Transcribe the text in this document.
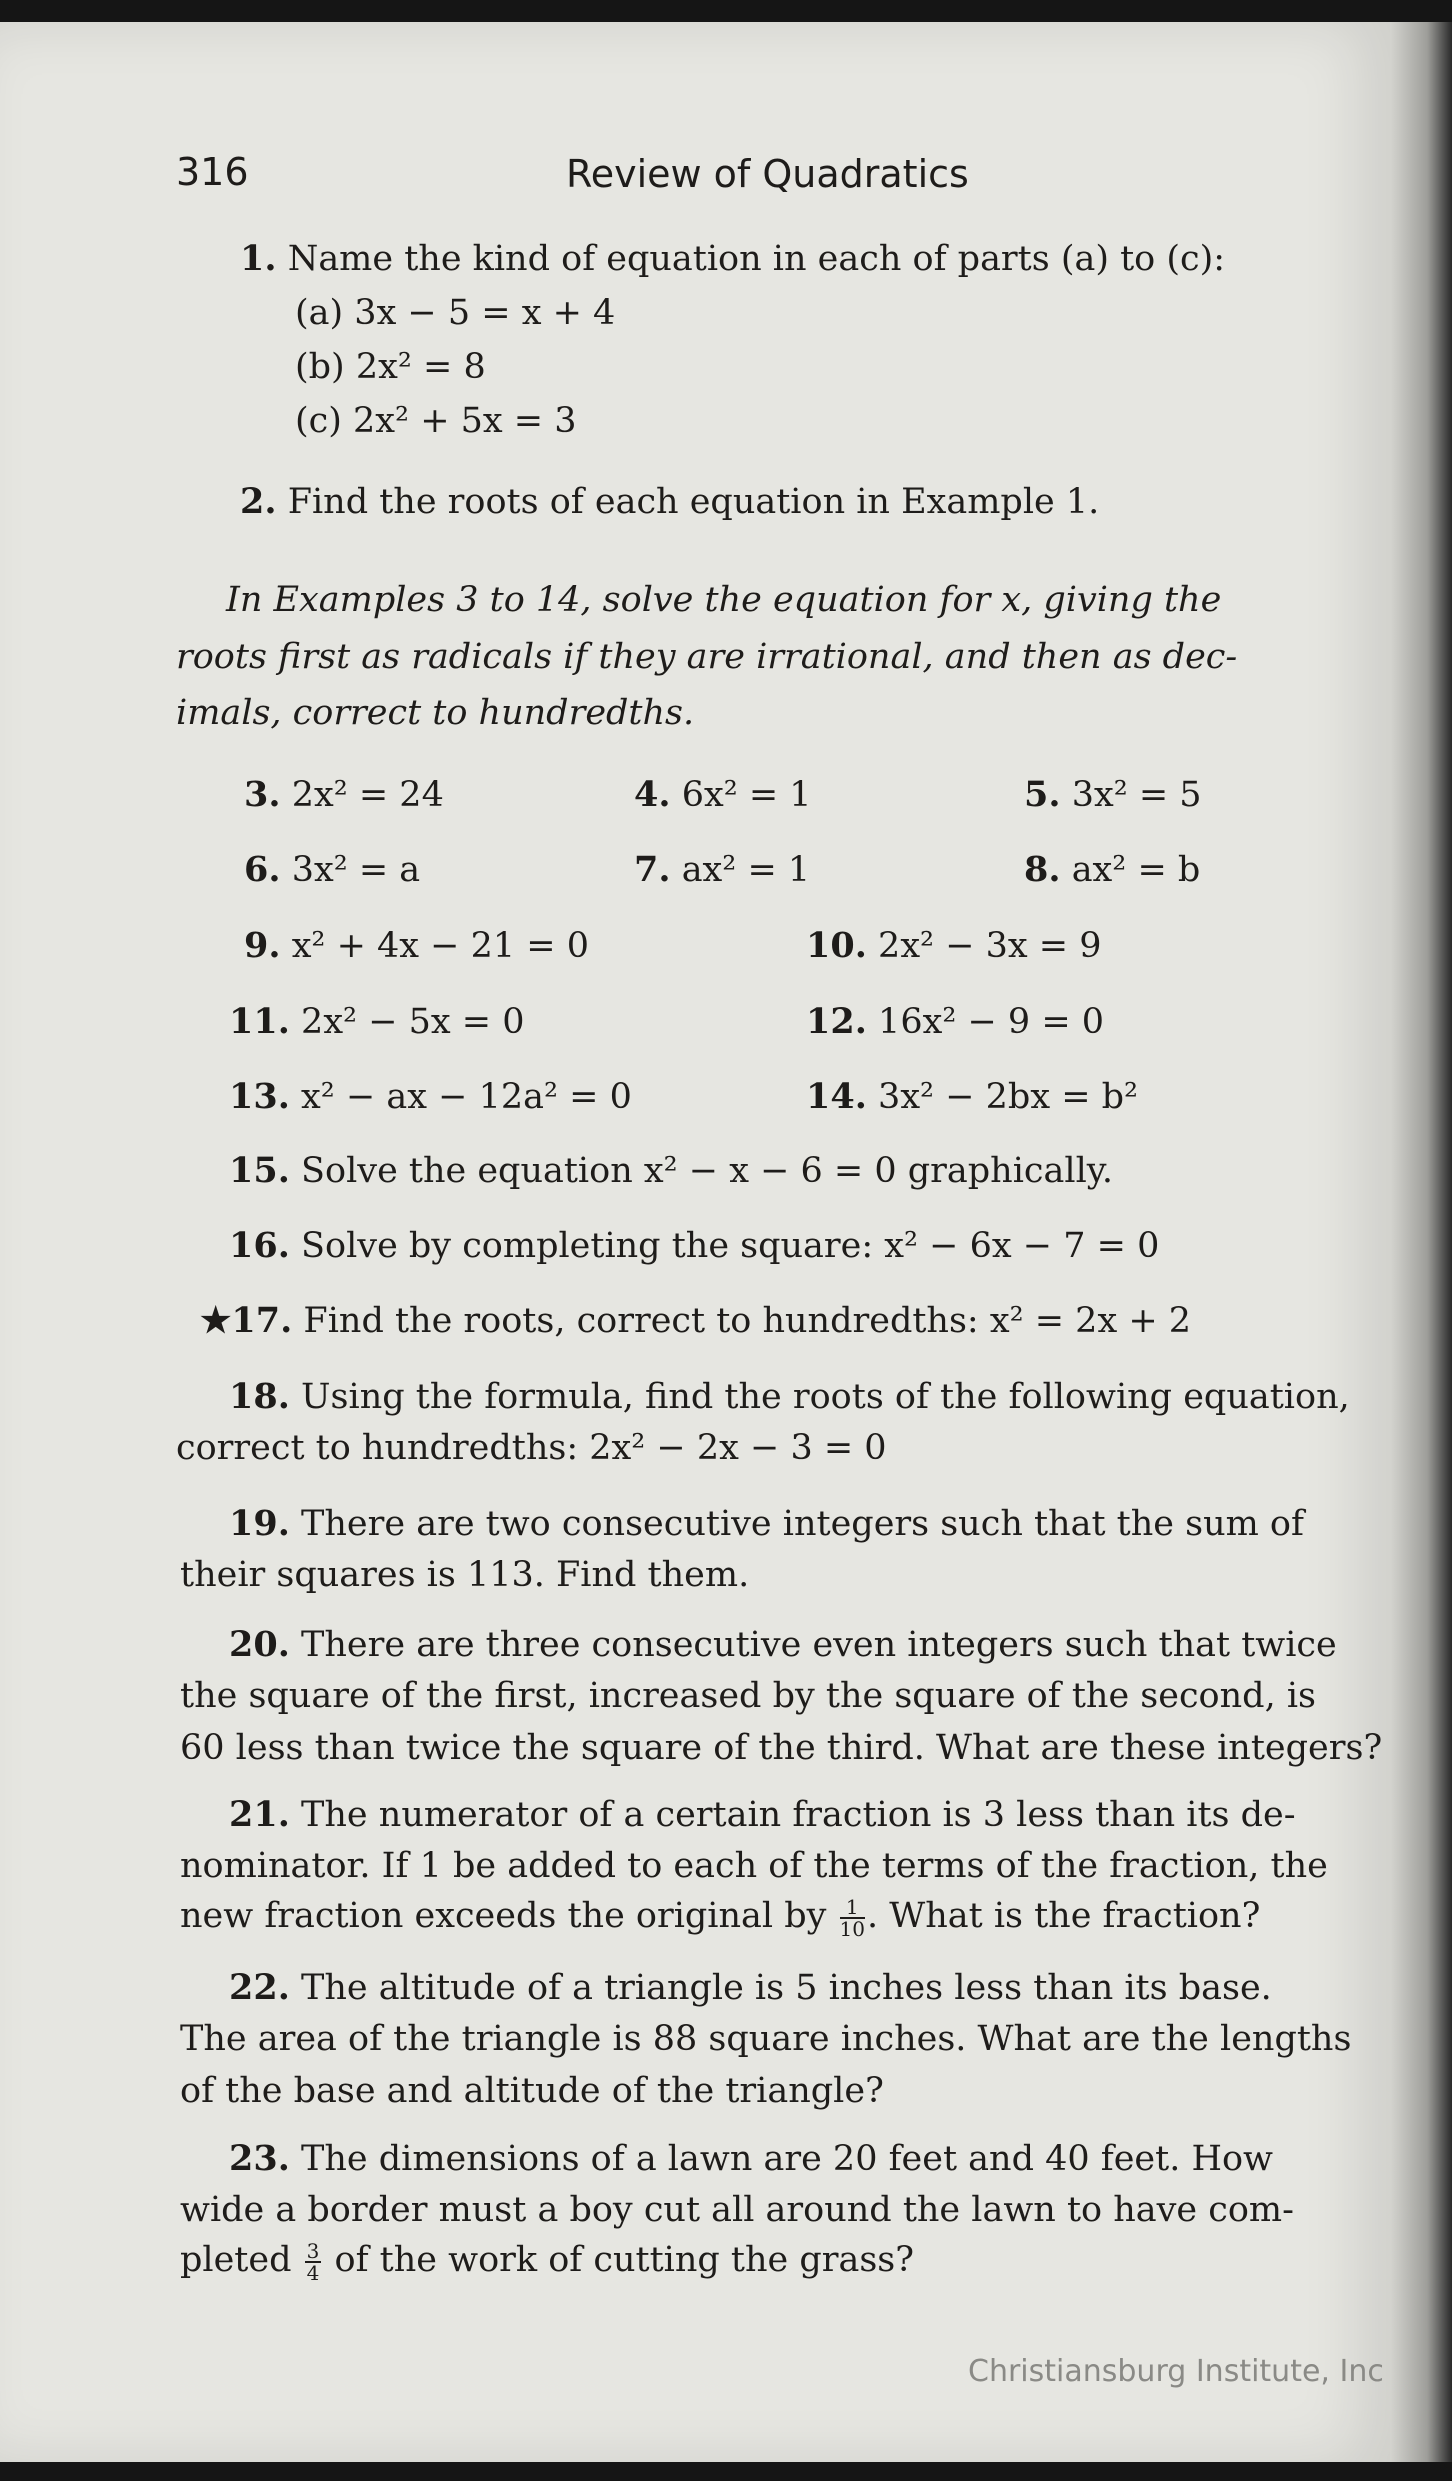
316	Review of Quadratics
1. Name the kind of equation in each of parts (a) to (c):
(a) 3x − 5 = x + 4
(b) 2x² = 8
(c) 2x² + 5x = 3
2. Find the roots of each equation in Example 1.
In Examples 3 to 14, solve the equation for x, giving the
roots first as radicals if they are irrational, and then as dec-
imals, correct to hundredths.
3. 2x² = 24	4. 6x² = 1	5. 3x² = 5
6. 3x² = a	7. ax² = 1	8. ax² = b
9. x² + 4x − 21 = 0	10. 2x² − 3x = 9
11. 2x² − 5x = 0	12. 16x² − 9 = 0
13. x² − ax − 12a² = 0	14. 3x² − 2bx = b²
15. Solve the equation x² − x − 6 = 0 graphically.
16. Solve by completing the square: x² − 6x − 7 = 0
★17. Find the roots, correct to hundredths: x² = 2x + 2
18. Using the formula, find the roots of the following equation,
correct to hundredths: 2x² − 2x − 3 = 0
19. There are two consecutive integers such that the sum of
their squares is 113. Find them.
20. There are three consecutive even integers such that twice
the square of the first, increased by the square of the second, is
60 less than twice the square of the third. What are these integers?
21. The numerator of a certain fraction is 3 less than its de-
nominator. If 1 be added to each of the terms of the fraction, the
new fraction exceeds the original by $\frac{1}{10}$ . What is the fraction?
22. The altitude of a triangle is 5 inches less than its base.
The area of the triangle is 88 square inches. What are the lengths
of the base and altitude of the triangle?
23. The dimensions of a lawn are 20 feet and 40 feet. How
wide a border must a boy cut all around the lawn to have com-
pleted $\frac{3}{4}$ of the work of cutting the grass?
Christiansburg Institute, Inc
